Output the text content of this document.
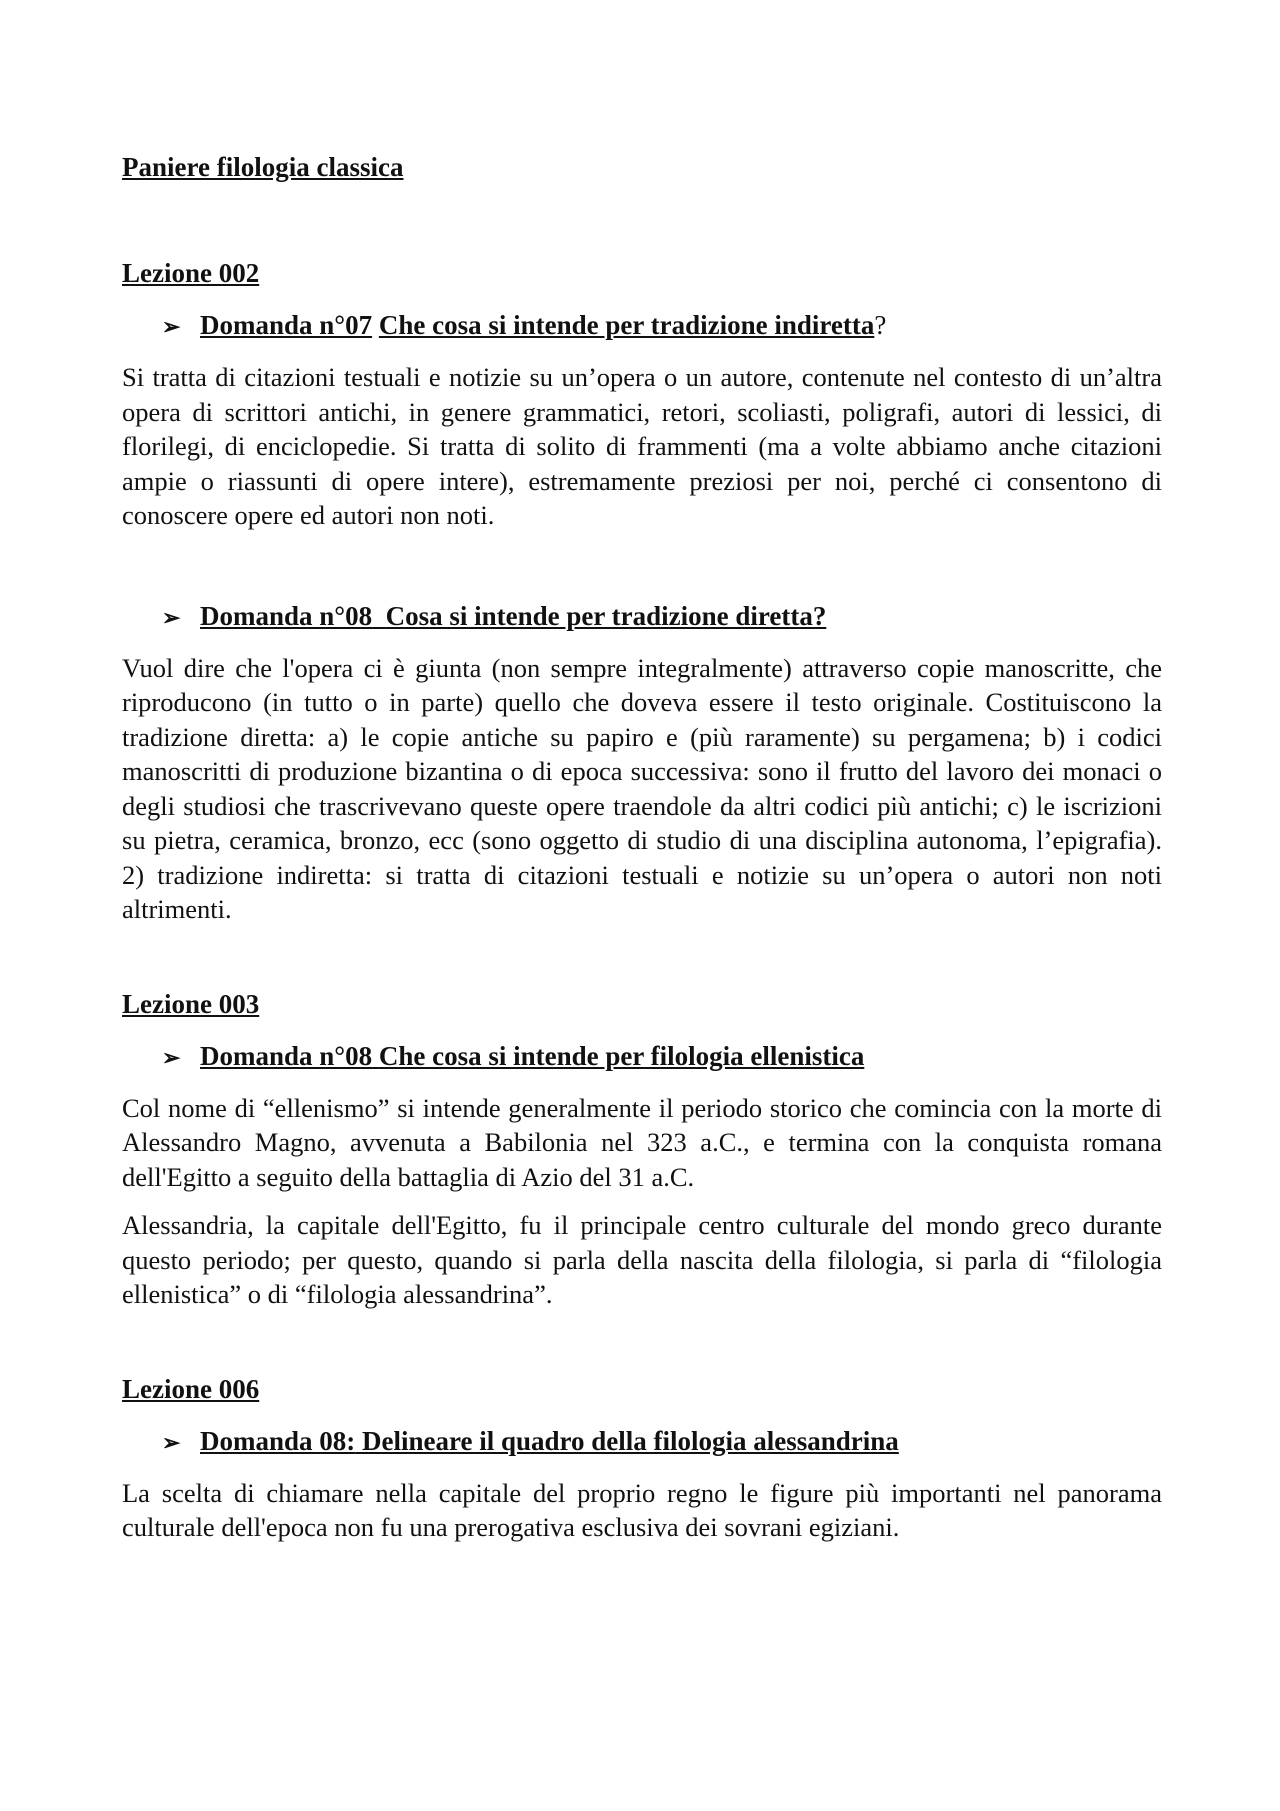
Paniere filologia classica
Lezione 002
➢ Domanda n°07
Che cosa si intende per tradizione indiretta ?

Si tratta di citazioni testuali e notizie su un’opera o un autore, contenute nel contesto di un’altra opera di scrittori antichi, in genere grammatici, retori, scoliasti, poligrafi, autori di lessici, di florilegi, di enciclopedie. Si tratta di solito di frammenti (ma a volte abbiamo anche citazioni ampie o riassunti di opere intere), estremamente preziosi per noi, perché ci consentono di conoscere opere ed autori non noti.

➢ Domanda n°08
Cosa si intende per tradizione diretta?

Vuol dire che l'opera ci è giunta (non sempre integralmente) attraverso copie manoscritte, che riproducono (in tutto o in parte) quello che doveva essere il testo originale. Costituiscono la tradizione diretta: a) le copie antiche su papiro e (più raramente) su pergamena; b) i codici manoscritti di produzione bizantina o di epoca successiva: sono il frutto del lavoro dei monaci o degli studiosi che trascrivevano queste opere traendole da altri codici più antichi; c) le iscrizioni su pietra, ceramica, bronzo, ecc (sono oggetto di studio di una disciplina autonoma, l’epigrafia). 2) tradizione indiretta: si tratta di citazioni testuali e notizie su un’opera o autori non noti altrimenti.

Lezione 003
➢ Domanda n°08
Che cosa si intende per filologia ellenistica

Col nome di “ellenismo” si intende generalmente il periodo storico che comincia con la morte di Alessandro Magno, avvenuta a Babilonia nel 323 a.C., e termina con la conquista romana dell'Egitto a seguito della battaglia di Azio del 31 a.C.

Alessandria, la capitale dell'Egitto, fu il principale centro culturale del mondo greco durante questo periodo; per questo, quando si parla della nascita della filologia, si parla di “filologia ellenistica” o di “filologia alessandrina”.

Lezione 006
➢ Domanda 08:
Delineare il quadro della filologia alessandrina

La scelta di chiamare nella capitale del proprio regno le figure più importanti nel panorama culturale dell'epoca non fu una prerogativa esclusiva dei sovrani egiziani.
